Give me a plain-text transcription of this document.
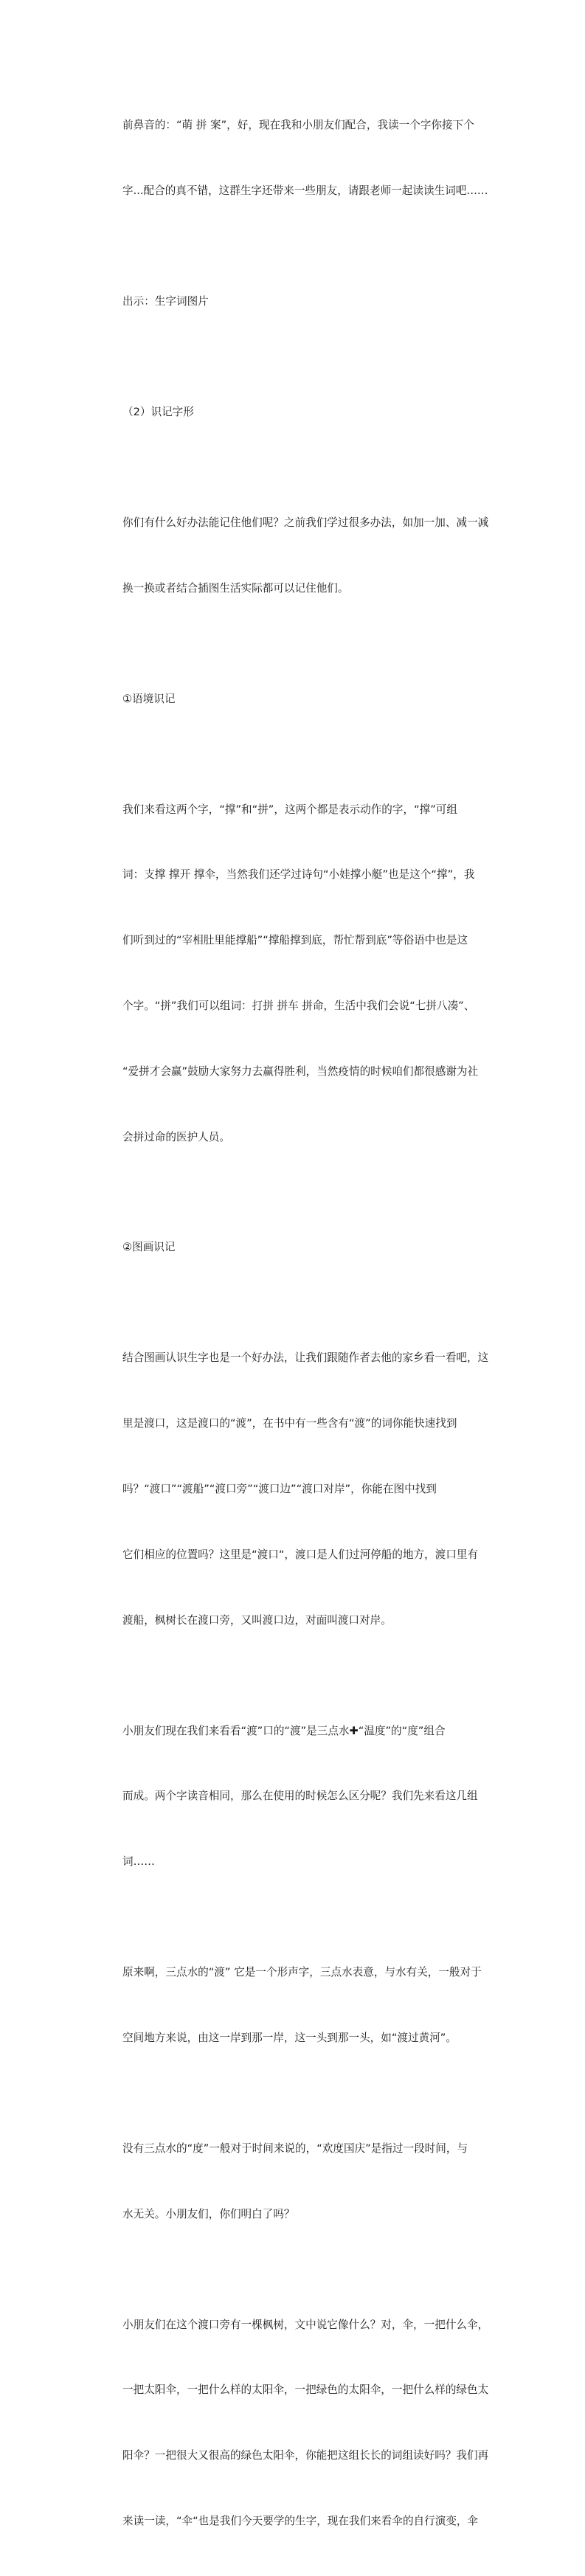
前鼻音的：“萌 拼 案”，好，现在我和小朋友们配合，我读一个字你接下个

字...配合的真不错，这群生字还带来一些朋友，请跟老师一起读读生词吧……

出示：生字词图片

（2）识记字形

你们有什么好办法能记住他们呢？之前我们学过很多办法，如加一加、减一减

换一换或者结合插图生活实际都可以记住他们。

①语境识记

我们来看这两个字，“撑”和“拼”，这两个都是表示动作的字，“撑”可组

词：支撑 撑开 撑伞，当然我们还学过诗句“小娃撑小艇”也是这个“撑”，我

们听到过的“宰相肚里能撑船”“撑船撑到底，帮忙帮到底”等俗语中也是这

个字。“拼”我们可以组词：打拼 拼车 拼命，生活中我们会说“七拼八凑”、

“爱拼才会赢”鼓励大家努力去赢得胜利，当然疫情的时候咱们都很感谢为社

会拼过命的医护人员。

②图画识记

结合图画认识生字也是一个好办法，让我们跟随作者去他的家乡看一看吧，这

里是渡口，这是渡口的“渡”，在书中有一些含有“渡”的词你能快速找到

吗？“渡口”“渡船”“渡口旁”“渡口边”“渡口对岸”，你能在图中找到

它们相应的位置吗？这里是“渡口“，渡口是人们过河停船的地方，渡口里有

渡船，枫树长在渡口旁，又叫渡口边，对面叫渡口对岸。

小朋友们现在我们来看看“渡”口的“渡”是三点水✚“温度”的“度”组合

而成。两个字读音相同，那么在使用的时候怎么区分呢？我们先来看这几组

词……

原来啊，三点水的“渡” 它是一个形声字，三点水表意，与水有关，一般对于

空间地方来说，由这一岸到那一岸，这一头到那一头，如“渡过黄河”。

没有三点水的“度”一般对于时间来说的，“欢度国庆”是指过一段时间，与

水无关。小朋友们，你们明白了吗？

小朋友们在这个渡口旁有一棵枫树，文中说它像什么？对，伞，一把什么伞，

一把太阳伞，一把什么样的太阳伞，一把绿色的太阳伞，一把什么样的绿色太

阳伞？一把很大又很高的绿色太阳伞，你能把这组长长的词组读好吗？我们再

来读一读，“伞“也是我们今天要学的生字，现在我们来看伞的自行演变，伞
